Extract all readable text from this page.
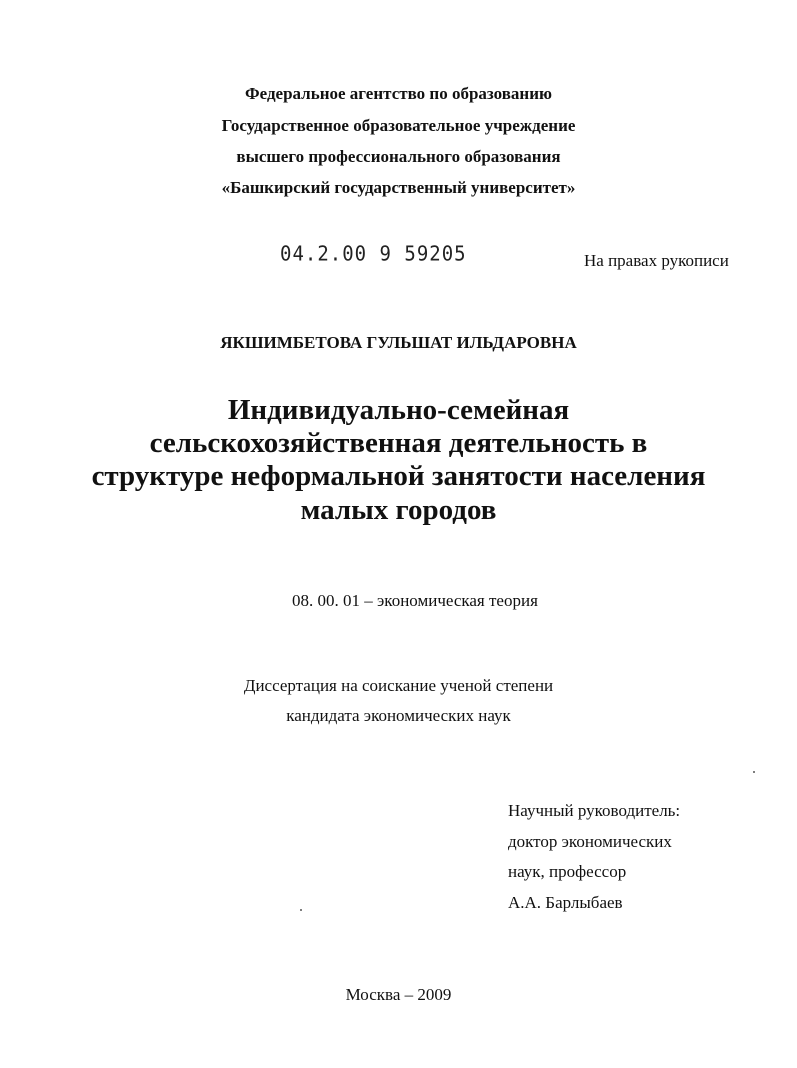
Федеральное агентство по образованию
Государственное образовательное учреждение
высшего профессионального образования
«Башкирский государственный университет»
04.2.00 9 59205	На правах рукописи
ЯКШИМБЕТОВА ГУЛЬШАТ ИЛЬДАРОВНА
Индивидуально-семейная
сельскохозяйственная деятельность в
структуре неформальной занятости населения
малых городов
08. 00. 01 – экономическая теория
Диссертация на соискание ученой степени
кандидата экономических наук
Научный руководитель:
доктор экономических
наук, профессор
А.А. Барлыбаев
Москва – 2009
